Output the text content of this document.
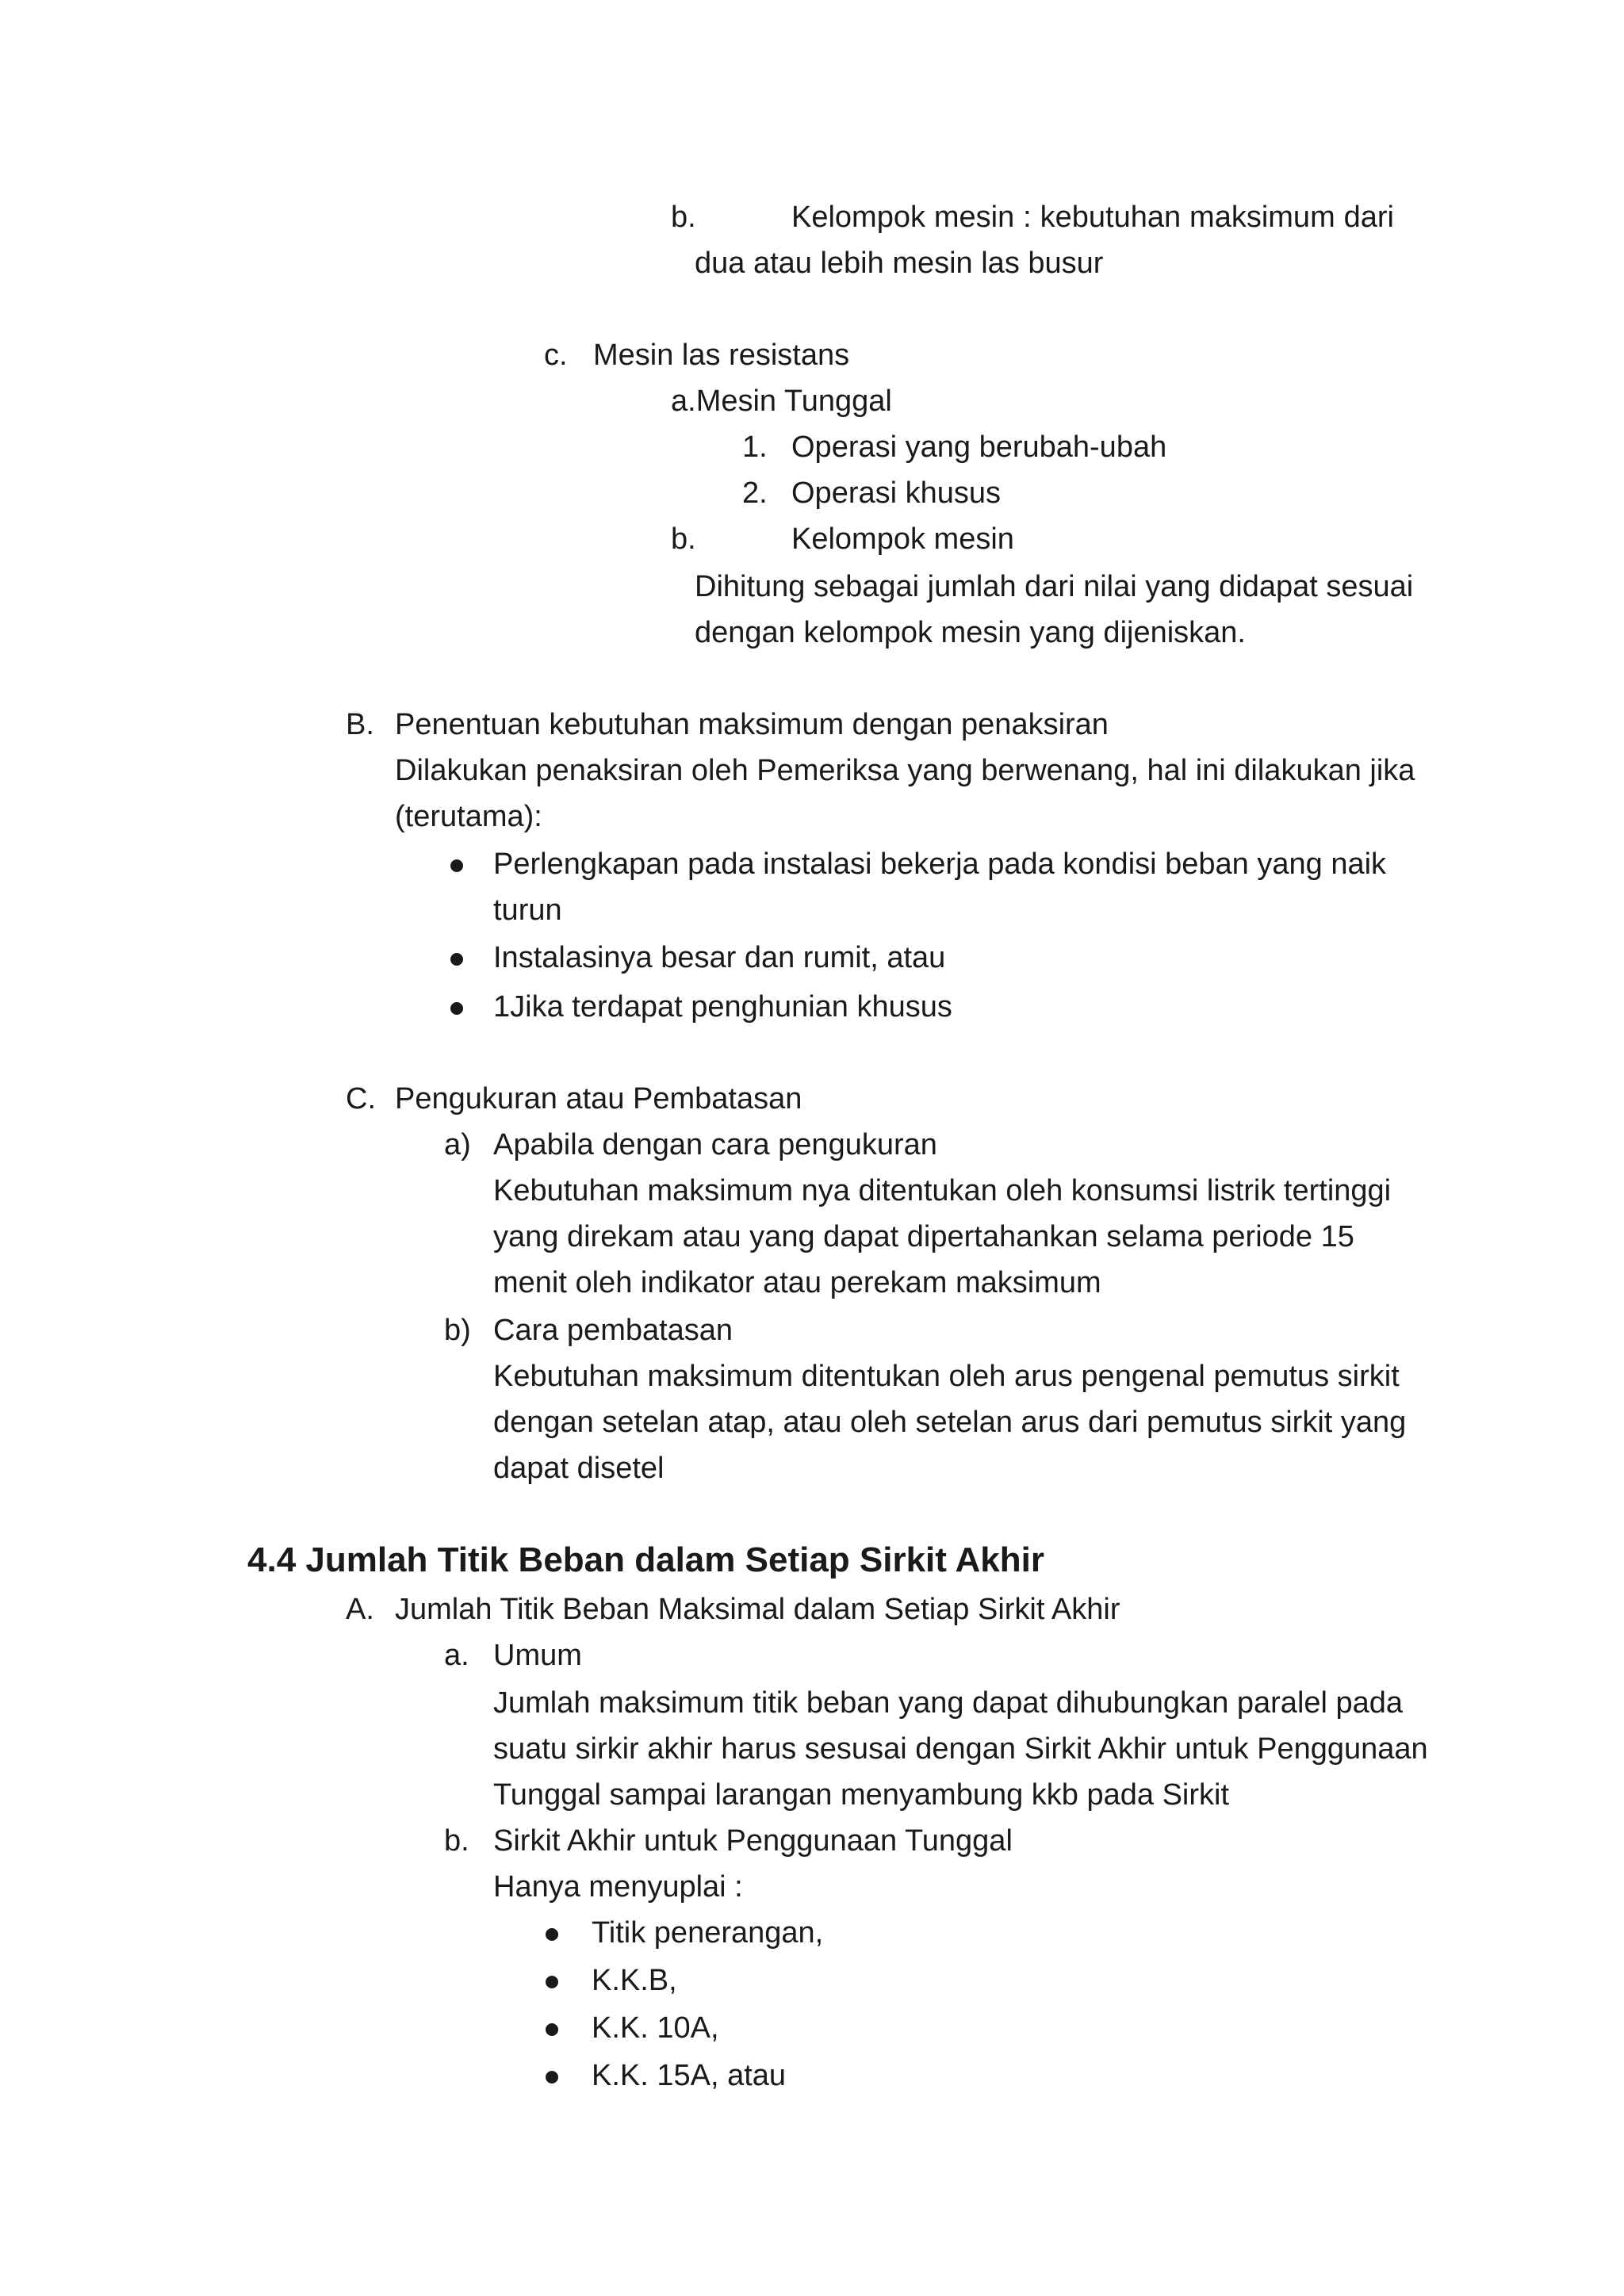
b.	Kelompok mesin : kebutuhan maksimum dari
dua atau lebih mesin las busur
c. Mesin las resistans
a.Mesin Tunggal
1. Operasi yang berubah-ubah
2. Operasi khusus
b.	Kelompok mesin
Dihitung sebagai jumlah dari nilai yang didapat sesuai
dengan kelompok mesin yang dijeniskan.
B. Penentuan kebutuhan maksimum dengan penaksiran
Dilakukan penaksiran oleh Pemeriksa yang berwenang, hal ini dilakukan jika
(terutama):
Perlengkapan pada instalasi bekerja pada kondisi beban yang naik
turun
Instalasinya besar dan rumit, atau
1Jika terdapat penghunian khusus
C. Pengukuran atau Pembatasan
a) Apabila dengan cara pengukuran
Kebutuhan maksimum nya ditentukan oleh konsumsi listrik tertinggi
yang direkam atau yang dapat dipertahankan selama periode 15
menit oleh indikator atau perekam maksimum
b) Cara pembatasan
Kebutuhan maksimum ditentukan oleh arus pengenal pemutus sirkit
dengan setelan atap, atau oleh setelan arus dari pemutus sirkit yang
dapat disetel
4.4 Jumlah Titik Beban dalam Setiap Sirkit Akhir
A. Jumlah Titik Beban Maksimal dalam Setiap Sirkit Akhir
a. Umum
Jumlah maksimum titik beban yang dapat dihubungkan paralel pada
suatu sirkir akhir harus sesusai dengan Sirkit Akhir untuk Penggunaan
Tunggal sampai larangan menyambung kkb pada Sirkit
b. Sirkit Akhir untuk Penggunaan Tunggal
Hanya menyuplai :
Titik penerangan,
K.K.B,
K.K. 10A,
K.K. 15A, atau
